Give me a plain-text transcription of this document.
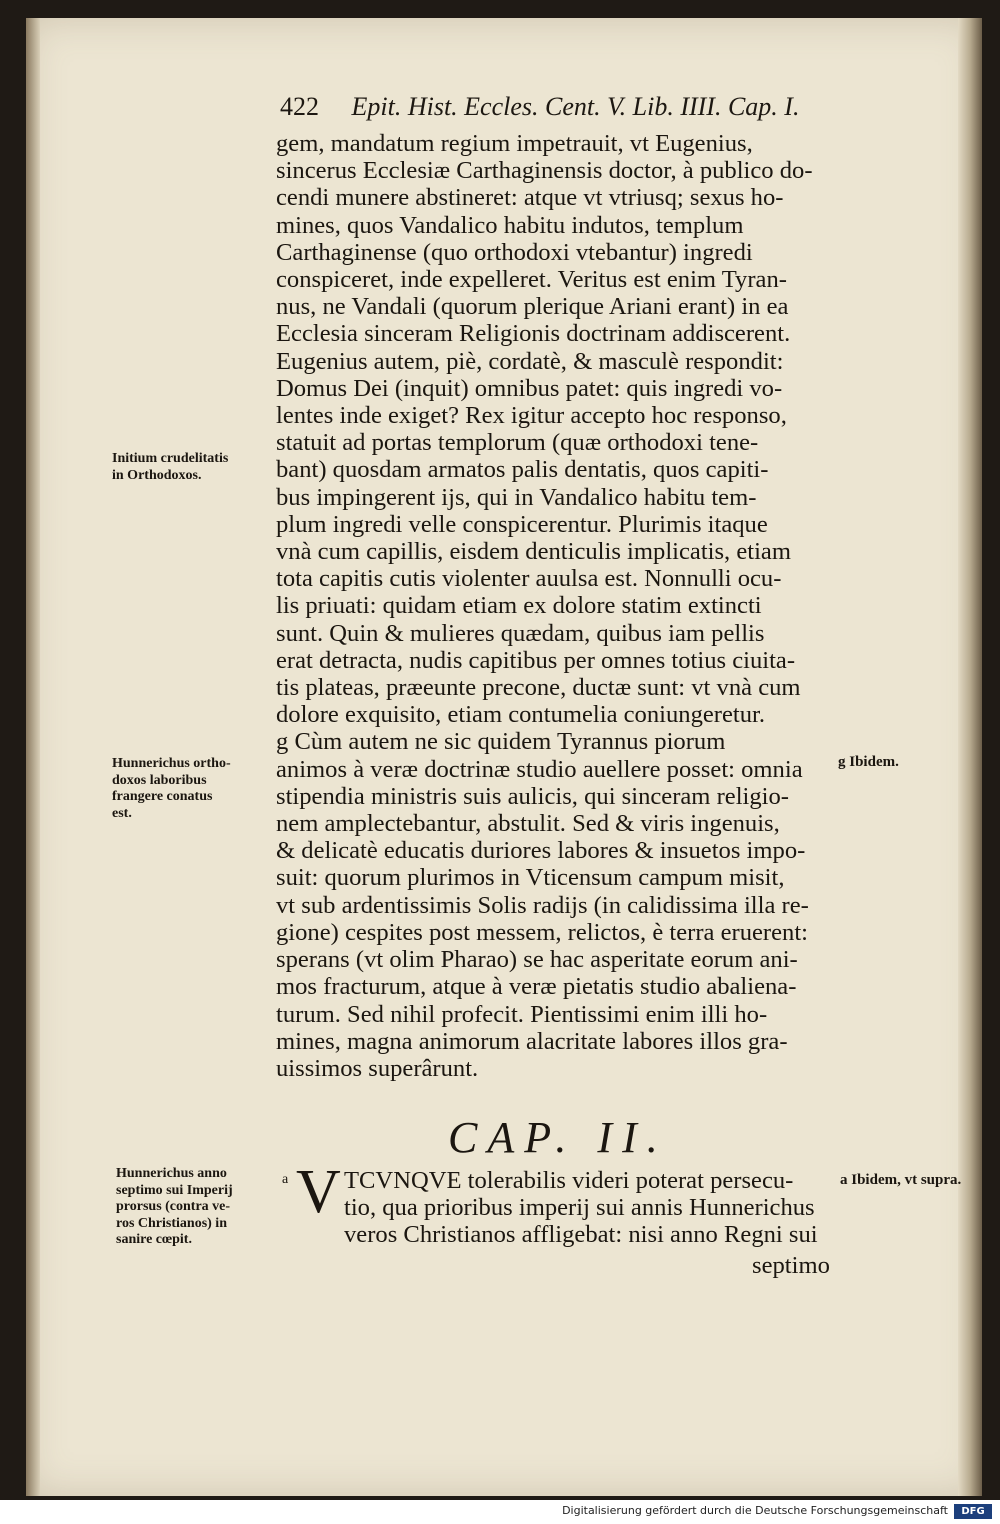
422 Epit. Hist. Eccles. Cent. V. Lib. IIII. Cap. I.
gem, mandatum regium impetrauit, vt Eugenius,
sincerus Ecclesiæ Carthaginensis doctor, à publico do-
cendi munere abstineret: atque vt vtriusq; sexus ho-
mines, quos Vandalico habitu indutos, templum
Carthaginense (quo orthodoxi vtebantur) ingredi
conspiceret, inde expelleret. Veritus est enim Tyran-
nus, ne Vandali (quorum plerique Ariani erant) in ea
Ecclesia sinceram Religionis doctrinam addiscerent.
Eugenius autem, piè, cordatè, & masculè respondit:
Domus Dei (inquit) omnibus patet: quis ingredi vo-
lentes inde exiget? Rex igitur accepto hoc responso,
statuit ad portas templorum (quæ orthodoxi tene-
bant) quosdam armatos palis dentatis, quos capiti-
bus impingerent ijs, qui in Vandalico habitu tem-
plum ingredi velle conspicerentur. Plurimis itaque
vnà cum capillis, eisdem denticulis implicatis, etiam
tota capitis cutis violenter auulsa est. Nonnulli ocu-
lis priuati: quidam etiam ex dolore statim extincti
sunt. Quin & mulieres quædam, quibus iam pellis
erat detracta, nudis capitibus per omnes totius ciuita-
tis plateas, præeunte precone, ductæ sunt: vt vnà cum
dolore exquisito, etiam contumelia coniungeretur.
g Cùm autem ne sic quidem Tyrannus piorum
animos à veræ doctrinæ studio auellere posset: omnia
stipendia ministris suis aulicis, qui sinceram religio-
nem amplectebantur, abstulit. Sed & viris ingenuis,
& delicatè educatis duriores labores & insuetos impo-
suit: quorum plurimos in Vticensum campum misit,
vt sub ardentissimis Solis radijs (in calidissima illa re-
gione) cespites post messem, relictos, è terra eruerent:
sperans (vt olim Pharao) se hac asperitate eorum ani-
mos fracturum, atque à veræ pietatis studio abaliena-
turum. Sed nihil profecit. Pientissimi enim illi ho-
mines, magna animorum alacritate labores illos gra-
uissimos superârunt.
Initium crudelitatis
in Orthodoxos.
Hunnerichus ortho-
doxos laboribus
frangere conatus
est.
g Ibidem.
CAP. II.
Hunnerichus anno
septimo sui Imperij
prorsus (contra ve-
ros Christianos) in
sanire cœpit.
a V TCVNQVE tolerabilis videri poterat persecu-
tio, qua prioribus imperij sui annis Hunnerichus
veros Christianos affligebat: nisi anno Regni sui
septimo
a Ibidem, vt supra.
Digitalisierung gefördert durch die Deutsche Forschungsgemeinschaft	DFG
